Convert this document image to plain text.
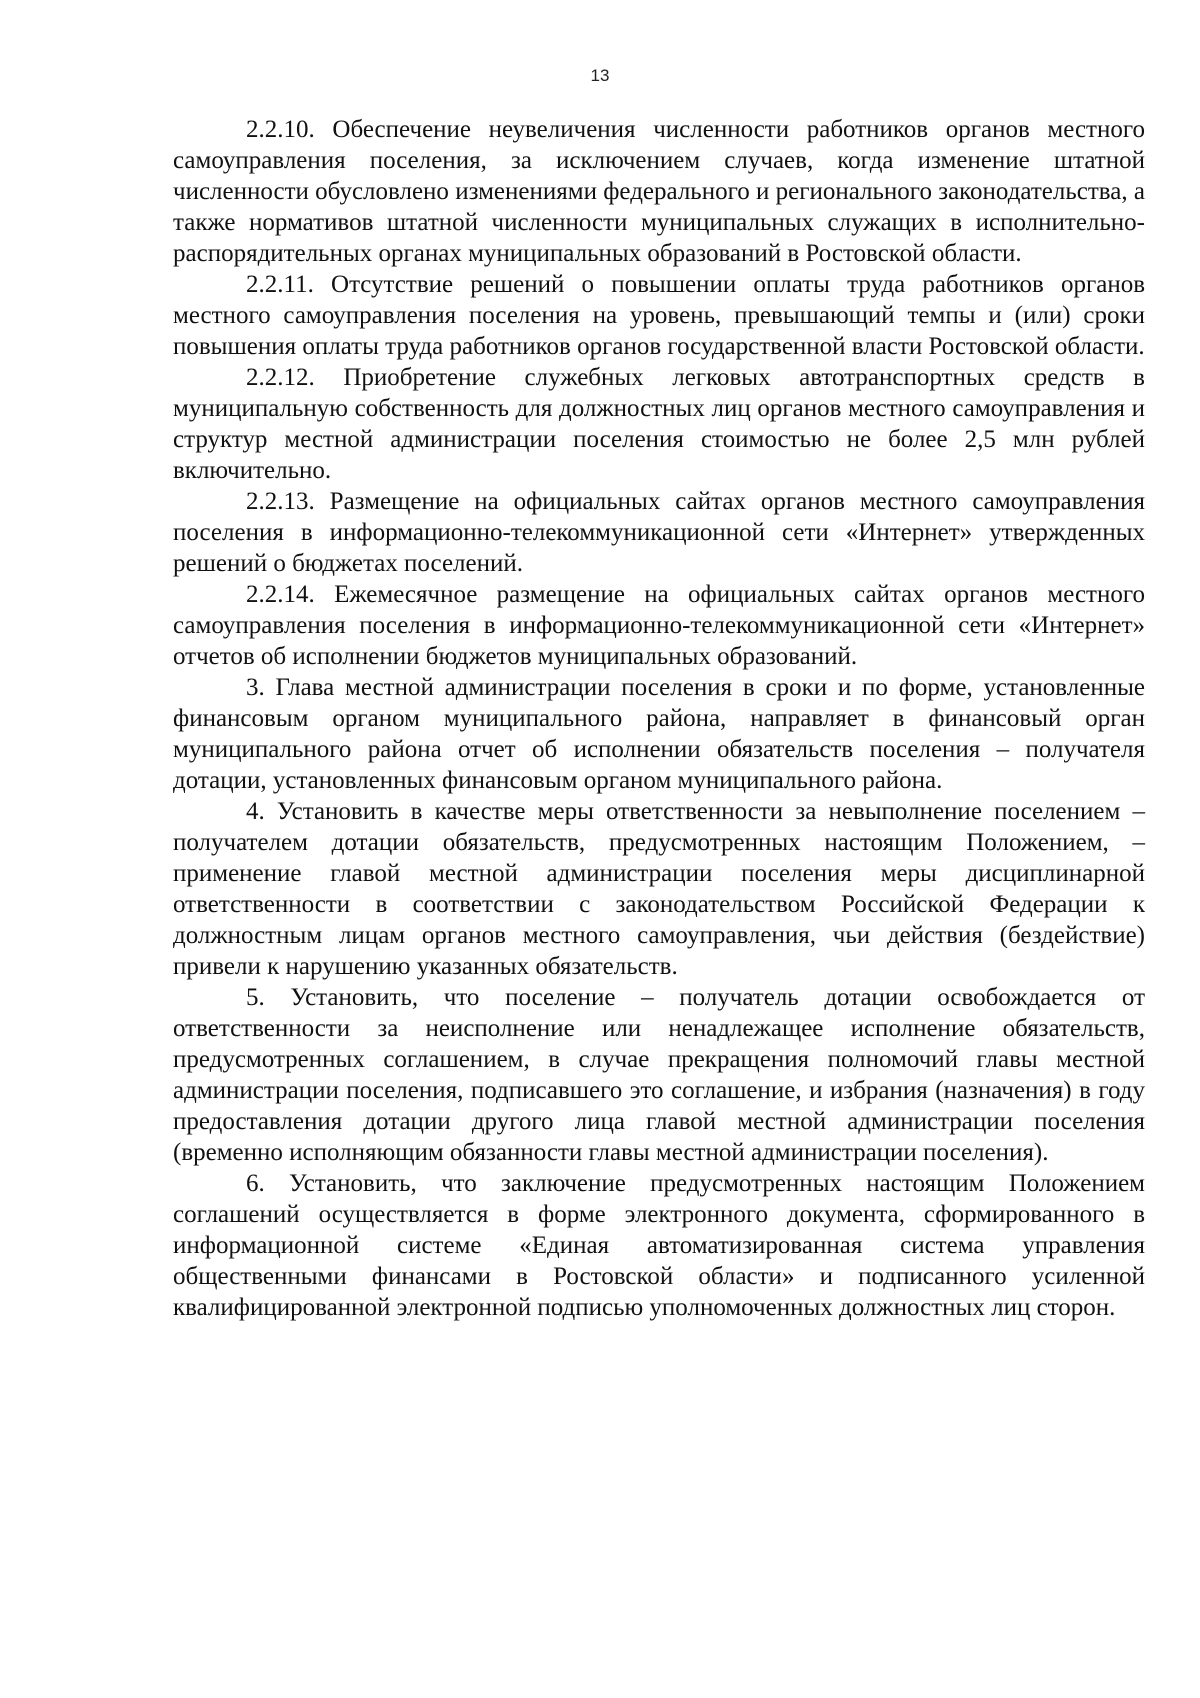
13

2.2.10. Обеспечение неувеличения численности работников органов местного самоуправления поселения, за исключением случаев, когда изменение штатной численности обусловлено изменениями федерального и регионального законодательства, а также нормативов штатной численности муниципальных служащих в исполнительно-распорядительных органах муниципальных образований в Ростовской области.

2.2.11. Отсутствие решений о повышении оплаты труда работников органов местного самоуправления поселения на уровень, превышающий темпы и (или) сроки повышения оплаты труда работников органов государственной власти Ростовской области.

2.2.12. Приобретение служебных легковых автотранспортных средств в муниципальную собственность для должностных лиц органов местного самоуправления и структур местной администрации поселения стоимостью не более 2,5 млн рублей включительно.

2.2.13. Размещение на официальных сайтах органов местного самоуправления поселения в информационно-телекоммуникационной сети «Интернет» утвержденных решений о бюджетах поселений.

2.2.14. Ежемесячное размещение на официальных сайтах органов местного самоуправления поселения в информационно-телекоммуникационной сети «Интернет» отчетов об исполнении бюджетов муниципальных образований.

3. Глава местной администрации поселения в сроки и по форме, установленные финансовым органом муниципального района, направляет в финансовый орган муниципального района отчет об исполнении обязательств поселения – получателя дотации, установленных финансовым органом муниципального района.

4. Установить в качестве меры ответственности за невыполнение поселением – получателем дотации обязательств, предусмотренных настоящим Положением, – применение главой местной администрации поселения меры дисциплинарной ответственности в соответствии с законодательством Российской Федерации к должностным лицам органов местного самоуправления, чьи действия (бездействие) привели к нарушению указанных обязательств.

5. Установить, что поселение – получатель дотации освобождается от ответственности за неисполнение или ненадлежащее исполнение обязательств, предусмотренных соглашением, в случае прекращения полномочий главы местной администрации поселения, подписавшего это соглашение, и избрания (назначения) в году предоставления дотации другого лица главой местной администрации поселения (временно исполняющим обязанности главы местной администрации поселения).

6. Установить, что заключение предусмотренных настоящим Положением соглашений осуществляется в форме электронного документа, сформированного в информационной системе «Единая автоматизированная система управления общественными финансами в Ростовской области» и подписанного усиленной квалифицированной электронной подписью уполномоченных должностных лиц сторон.
